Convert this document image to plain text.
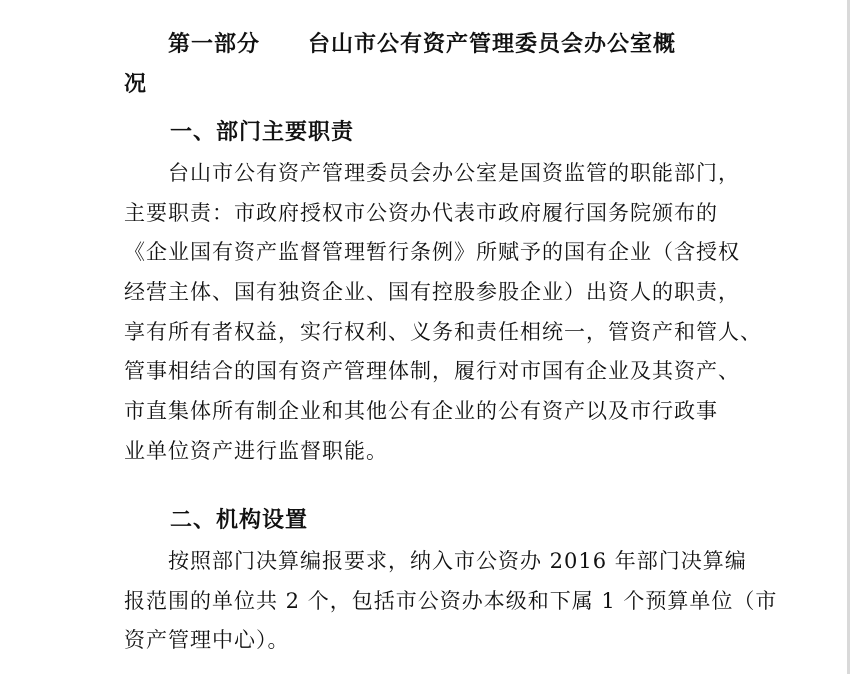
第一部分 台山市公有资产管理委员会办公室概
况
一、部门主要职责
台山市公有资产管理委员会办公室是国资监管的职能部门，
主要职责：市政府授权市公资办代表市政府履行国务院颁布的
《企业国有资产监督管理暂行条例》所赋予的国有企业（含授权
经营主体、国有独资企业、国有控股参股企业）出资人的职责，
享有所有者权益，实行权利、义务和责任相统一，管资产和管人、
管事相结合的国有资产管理体制，履行对市国有企业及其资产、
市直集体所有制企业和其他公有企业的公有资产以及市行政事
业单位资产进行监督职能。
二、机构设置
按照部门决算编报要求，纳入市公资办 2016 年部门决算编
报范围的单位共 2 个，包括市公资办本级和下属 1 个预算单位（市
资产管理中心）。
